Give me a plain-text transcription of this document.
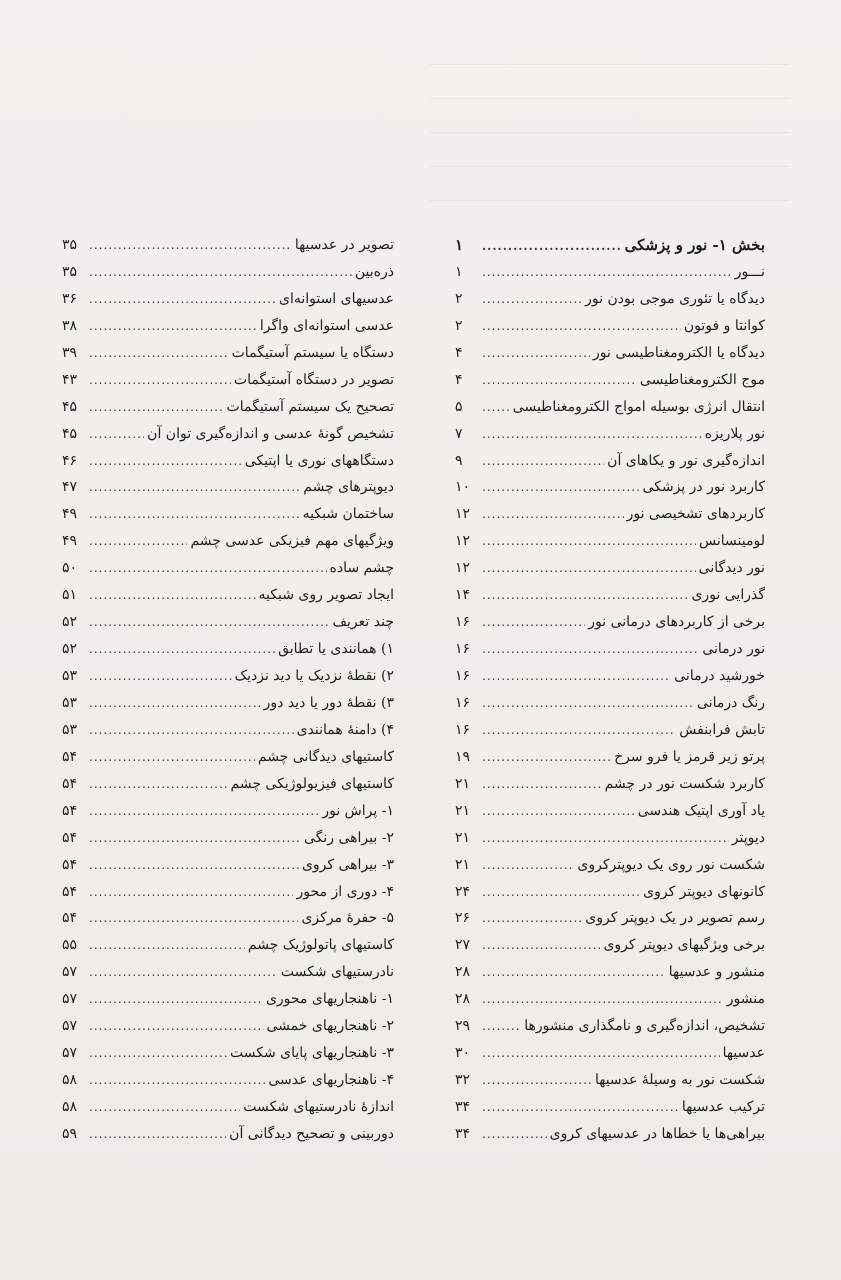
بخش ۱- نور و پزشکی
.....
۱
نـــور
.....
۱
دیدگاه یا تئوری موجی بودن نور
.....
۲
کوانتا و فوتون
.....
۲
دیدگاه یا الکترومغناطیسی نور
.....
۴
موج الکترومغناطیسی
.....
۴
انتقال انرژی بوسیله امواج الکترومغناطیسی
.....
۵
نور پلاریزه
.....
۷
اندازه‌گیری نور و یکاهای آن
.....
۹
کاربرد نور در پزشکی
.....
۱۰
کاربردهای تشخیصی نور
.....
۱۲
لومینسانس
.....
۱۲
نور دیدگانی
.....
۱۲
گذرایی نوری
.....
۱۴
برخی از کاربردهای درمانی نور
.....
۱۶
نور درمانی
.....
۱۶
خورشید درمانی
.....
۱۶
رنگ درمانی
.....
۱۶
تابش فرابنفش
.....
۱۶
پرتو زیر قرمز یا فرو سرخ
.....
۱۹
کاربرد شکست نور در چشم
.....
۲۱
یاد آوری اپتیک هندسی
.....
۲۱
دیوپتر
.....
۲۱
شکست نور روی یک دیوپترکروی
.....
۲۱
کانونهای دیوپتر کروی
.....
۲۴
رسم تصویر در یک دیوپتر کروی
.....
۲۶
برخی ویژگیهای دیوپتر کروی
.....
۲۷
منشور و عدسیها
.....
۲۸
منشور
.....
۲۸
تشخیص، اندازه‌گیری و نامگذاری منشورها
.....
۲۹
عدسیها
.....
۳۰
شکست نور به وسیلهٔ عدسیها
.....
۳۲
ترکیب عدسیها
.....
۳۴
بیراهی‌ها یا خطاها در عدسیهای کروی
.....
۳۴
تصویر در عدسیها
.....
۳۵
ذره‌بین
.....
۳۵
عدسیهای استوانه‌ای
.....
۳۶
عدسی استوانه‌ای واگرا
.....
۳۸
دستگاه یا سیستم آستیگمات
.....
۳۹
تصویر در دستگاه آستیگمات
.....
۴۳
تصحیح یک سیستم آستیگمات
.....
۴۵
تشخیص گونهٔ عدسی و اندازه‌گیری توان آن
.....
۴۵
دستگاههای نوری یا اپتیکی
.....
۴۶
دیوپترهای چشم
.....
۴۷
ساختمان شبکیه
.....
۴۹
ویژگیهای مهم فیزیکی عدسی چشم
.....
۴۹
چشم ساده
.....
۵۰
ایجاد تصویر روی شبکیه
.....
۵۱
چند تعریف
.....
۵۲
۱) همانندی یا تطابق
.....
۵۲
۲) نقطهٔ نزدیک یا دید نزدیک
.....
۵۳
۳) نقطهٔ دور یا دید دور
.....
۵۳
۴) دامنهٔ همانندی
.....
۵۳
کاستیهای دیدگانی چشم
.....
۵۴
کاستیهای فیزیولوژیکی چشم
.....
۵۴
۱- پراش نور
.....
۵۴
۲- بیراهی رنگی
.....
۵۴
۳- بیراهی کروی
.....
۵۴
۴- دوری از محور
.....
۵۴
۵- حفرهٔ مرکزی
.....
۵۴
کاستیهای پاتولوژیک چشم
.....
۵۵
نادرستیهای شکست
.....
۵۷
۱- ناهنجاریهای محوری
.....
۵۷
۲- ناهنجاریهای خمشی
.....
۵۷
۳- ناهنجاریهای پایای شکست
.....
۵۷
۴- ناهنجاریهای عدسی
.....
۵۸
اندازهٔ نادرستیهای شکست
.....
۵۸
دوربینی و تصحیح دیدگانی آن
.....
۵۹
